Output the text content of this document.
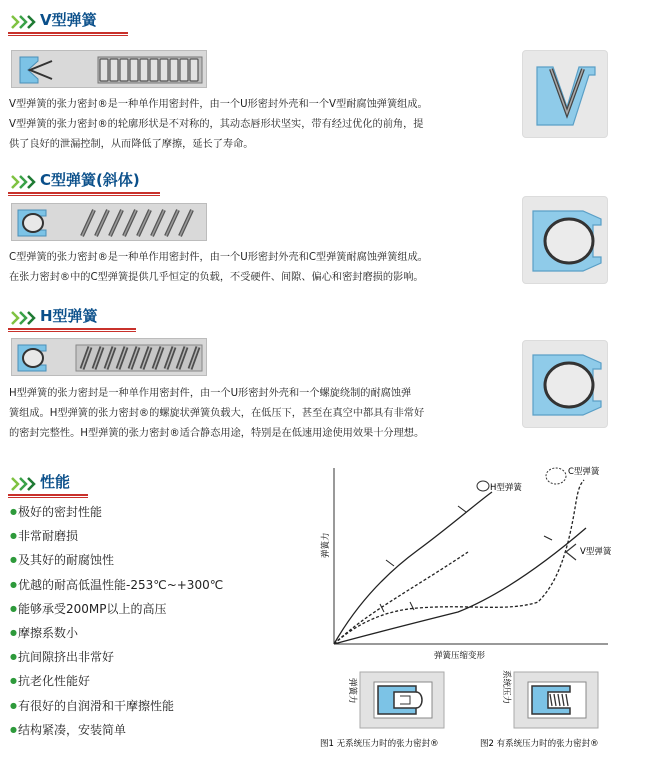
V型弹簧
V型弹簧的张力密封®是一种单作用密封件，由一个U形密封外壳和一个V型耐腐蚀弹簧组成。
V型弹簧的张力密封®的轮廓形状是不对称的，其动态唇形状坚实，带有经过优化的前角，提
供了良好的泄漏控制，从而降低了摩擦，延长了寿命。
C型弹簧(斜体)
C型弹簧的张力密封®是一种单作用密封件，由一个U形密封外壳和C型弹簧耐腐蚀弹簧组成。
在张力密封®中的C型弹簧提供几乎恒定的负载，不受硬件、间隙、偏心和密封磨损的影响。
H型弹簧
H型弹簧的张力密封是一种单作用密封件，由一个U形密封外壳和一个螺旋绕制的耐腐蚀弹
簧组成。H型弹簧的张力密封®的螺旋状弹簧负载大，在低压下，甚至在真空中都具有非常好
的密封完整性。H型弹簧的张力密封®适合静态用途，特别是在低速用途使用效果十分理想。
性能
●极好的密封性能
●非常耐磨损
●及其好的耐腐蚀性
●优越的耐高低温性能-253℃~+300℃
●能够承受200MP以上的高压
●摩擦系数小
●抗间隙挤出非常好
●抗老化性能好
●有很好的自润滑和干摩擦性能
●结构紧凑，安装简单
H型弹簧
C型弹簧
V型弹簧
弹簧压缩变形
弹簧力
弹簧力
图1 无系统压力时的张力密封®
系统压力
图2 有系统压力时的张力密封®
